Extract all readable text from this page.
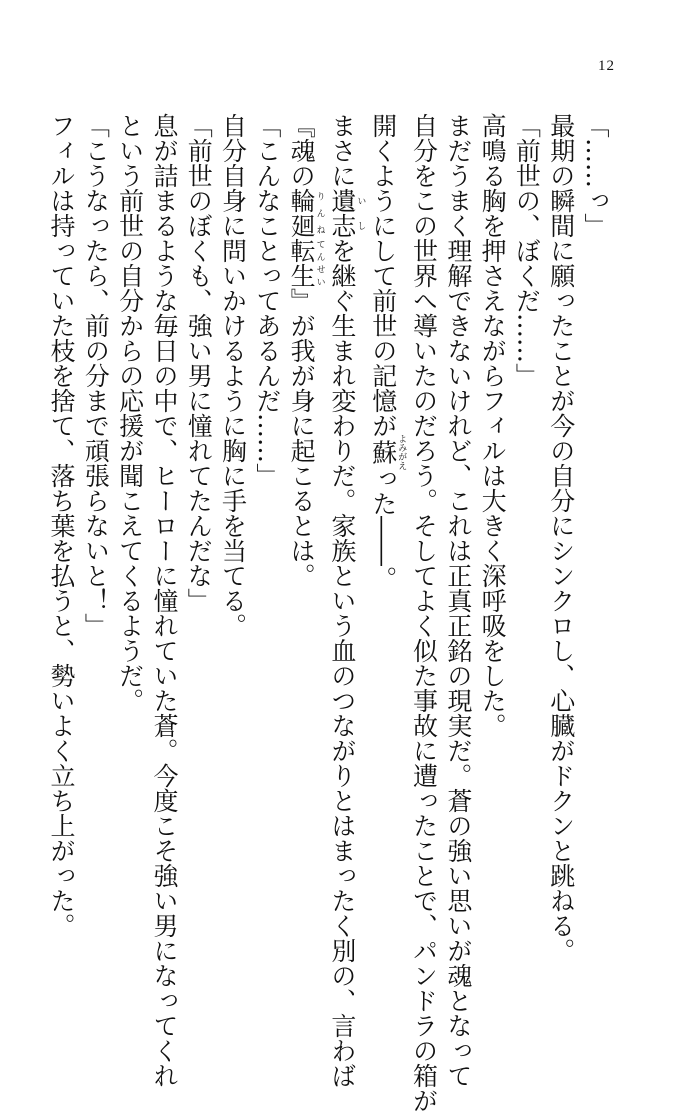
12
「……っ」
最期の瞬間に願ったことが今の自分にシンクロし、心臓がドクンと跳ねる。
「前世の、ぼくだ……」
高鳴る胸を押さえながらフィルは大きく深呼吸をした。
まだうまく理解できないけれど、これは正真正銘の現実だ。蒼の強い思いが魂となって
自分をこの世界へ導いたのだろう。そしてよく似た事故に遭ったことで、パンドラの箱が
開くようにして前世の記憶が蘇よみがえった――。
まさに遺志いしを継ぐ生まれ変わりだ。家族という血のつながりとはまったく別の、言わば
『魂の輪廻りんね転生てんせい』が我が身に起こるとは。
「こんなことってあるんだ……」
自分自身に問いかけるように胸に手を当てる。
「前世のぼくも、強い男に憧れてたんだな」
息が詰まるような毎日の中で、ヒーローに憧れていた蒼。今度こそ強い男になってくれ
という前世の自分からの応援が聞こえてくるようだ。
「こうなったら、前の分まで頑張らないと！」
フィルは持っていた枝を捨て、落ち葉を払うと、勢いよく立ち上がった。
